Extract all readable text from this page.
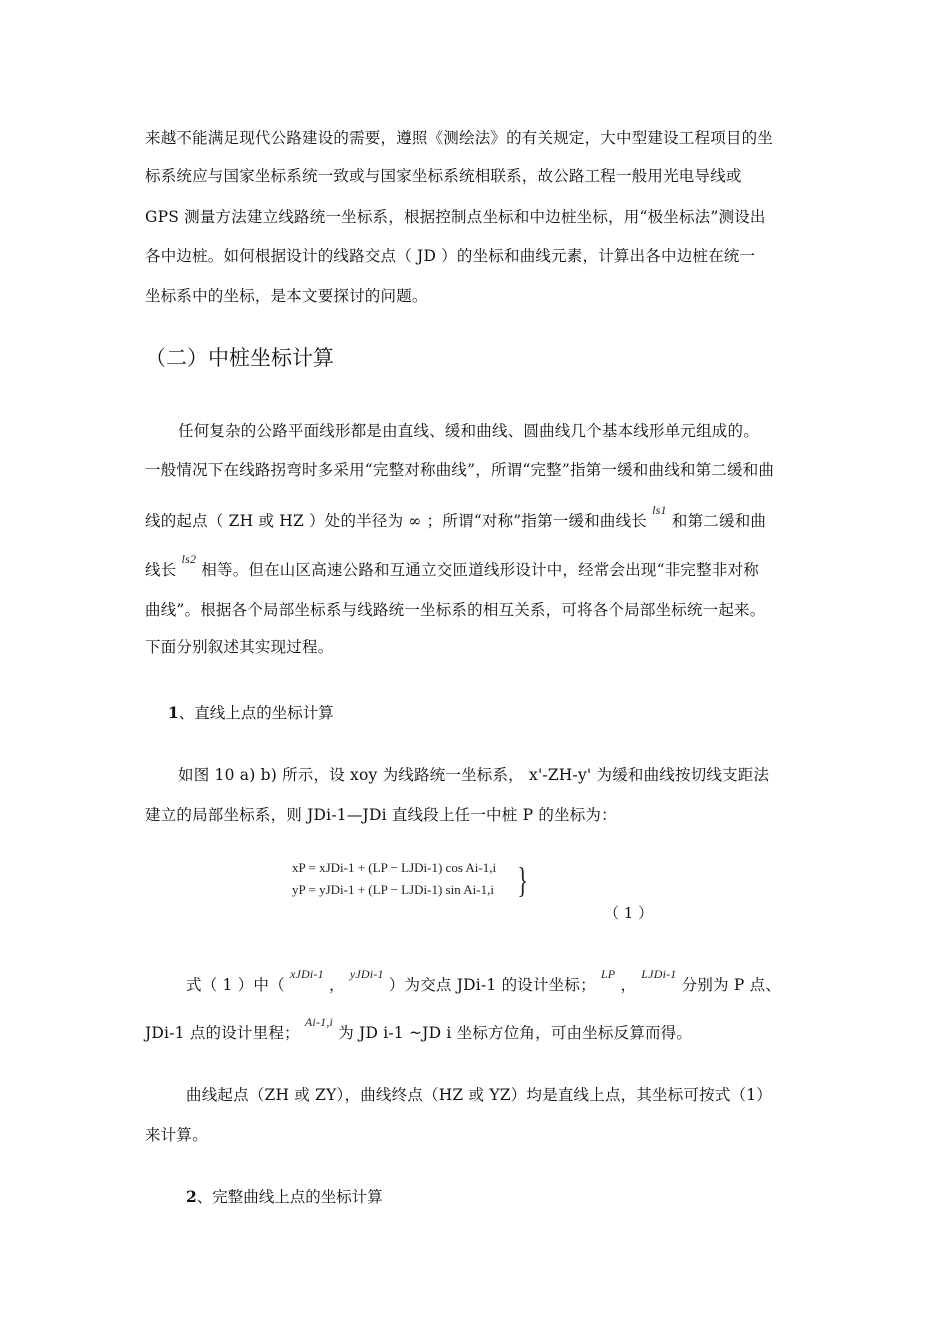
来越不能满足现代公路建设的需要，遵照《测绘法》的有关规定，大中型建设工程项目的坐
标系统应与国家坐标系统一致或与国家坐标系统相联系，故公路工程一般用光电导线或
GPS 测量方法建立线路统一坐标系，根据控制点坐标和中边桩坐标，用“极坐标法”测设出
各中边桩。如何根据设计的线路交点（ JD ）的坐标和曲线元素，计算出各中边桩在统一
坐标系中的坐标，是本文要探讨的问题。
（二）中桩坐标计算
任何复杂的公路平面线形都是由直线、缓和曲线、圆曲线几个基本线形单元组成的。
一般情况下在线路拐弯时多采用“完整对称曲线”，所谓“完整”指第一缓和曲线和第二缓和曲
线的起点（ ZH 或 HZ ）处的半径为 ∞ ；所谓“对称”指第一缓和曲线长 ls1 和第二缓和曲
线长 ls2 相等。但在山区高速公路和互通立交匝道线形设计中，经常会出现“非完整非对称
曲线”。根据各个局部坐标系与线路统一坐标系的相互关系，可将各个局部坐标统一起来。
下面分别叙述其实现过程。
1、直线上点的坐标计算
如图 10 a) b) 所示，设 xoy 为线路统一坐标系， x'-ZH-y' 为缓和曲线按切线支距法
建立的局部坐标系，则 JDi-1—JDi 直线段上任一中桩 P 的坐标为：
xP = xJDi-1 + (LP − LJDi-1) cos Ai-1,i
yP = yJDi-1 + (LP − LJDi-1) sin Ai-1,i }
（ 1 ）
式（ 1 ）中（ xJDi-1 ， yJDi-1 ）为交点 JDi-1 的设计坐标； LP ， LJDi-1 分别为 P 点、
JDi-1 点的设计里程； Ai-1,i 为 JD i-1 ~JD i 坐标方位角，可由坐标反算而得。
曲线起点（ZH 或 ZY），曲线终点（HZ 或 YZ）均是直线上点，其坐标可按式（1）
来计算。
2、完整曲线上点的坐标计算
